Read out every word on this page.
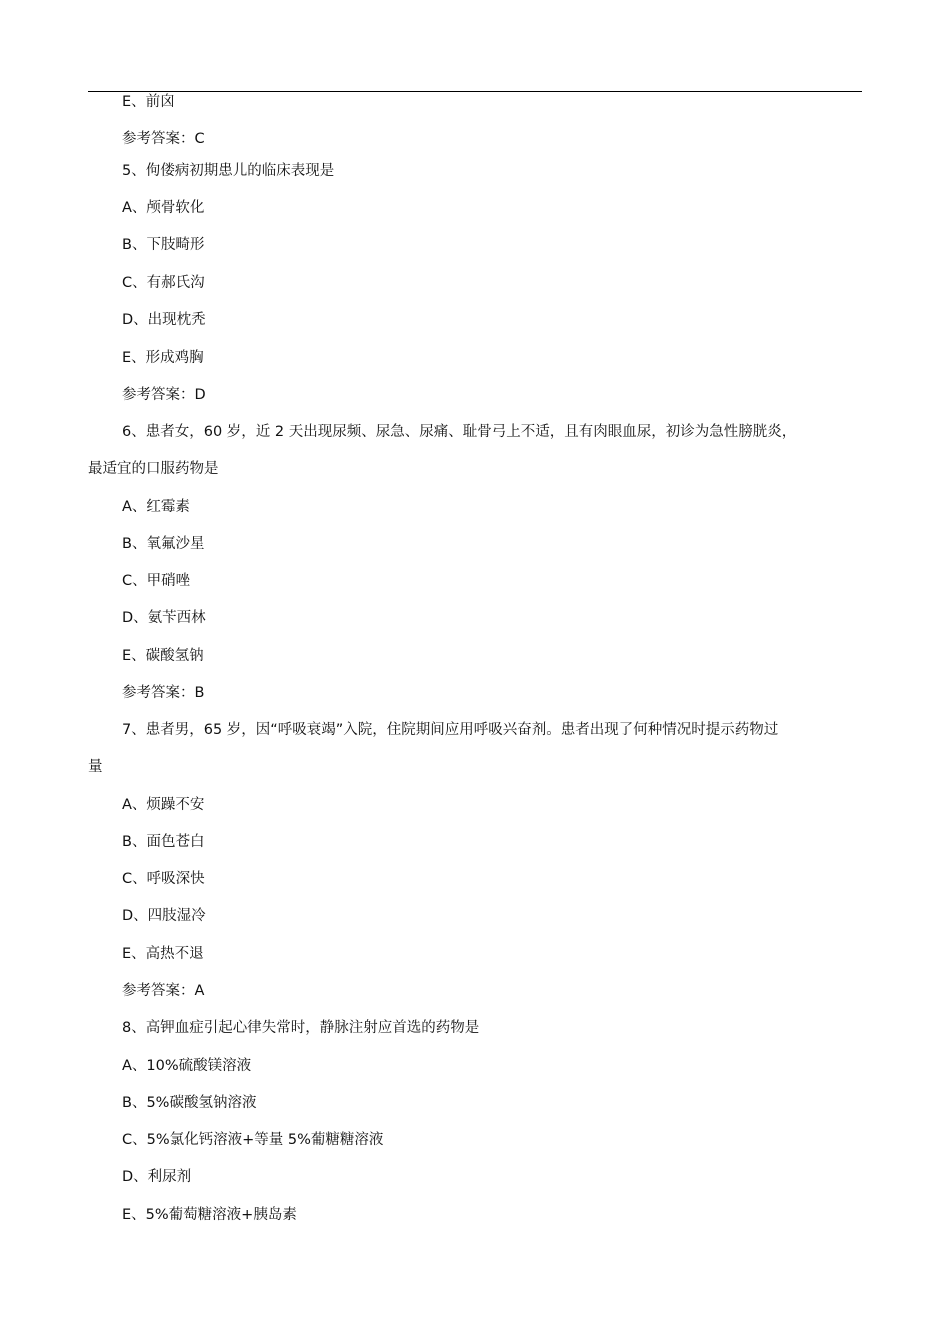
E、前囟
参考答案：C
5、佝偻病初期患儿的临床表现是
A、颅骨软化
B、下肢畸形
C、有郝氏沟
D、出现枕秃
E、形成鸡胸
参考答案：D
6、患者女，60 岁，近 2 天出现尿频、尿急、尿痛、耻骨弓上不适，且有肉眼血尿，初诊为急性膀胱炎，
最适宜的口服药物是
A、红霉素
B、氧氟沙星
C、甲硝唑
D、氨苄西林
E、碳酸氢钠
参考答案：B
7、患者男，65 岁，因“呼吸衰竭”入院，住院期间应用呼吸兴奋剂。患者出现了何种情况时提示药物过
量
A、烦躁不安
B、面色苍白
C、呼吸深快
D、四肢湿冷
E、高热不退
参考答案：A
8、高钾血症引起心律失常时，静脉注射应首选的药物是
A、10%硫酸镁溶液
B、5%碳酸氢钠溶液
C、5%氯化钙溶液+等量 5%葡糖糖溶液
D、利尿剂
E、5%葡萄糖溶液+胰岛素
